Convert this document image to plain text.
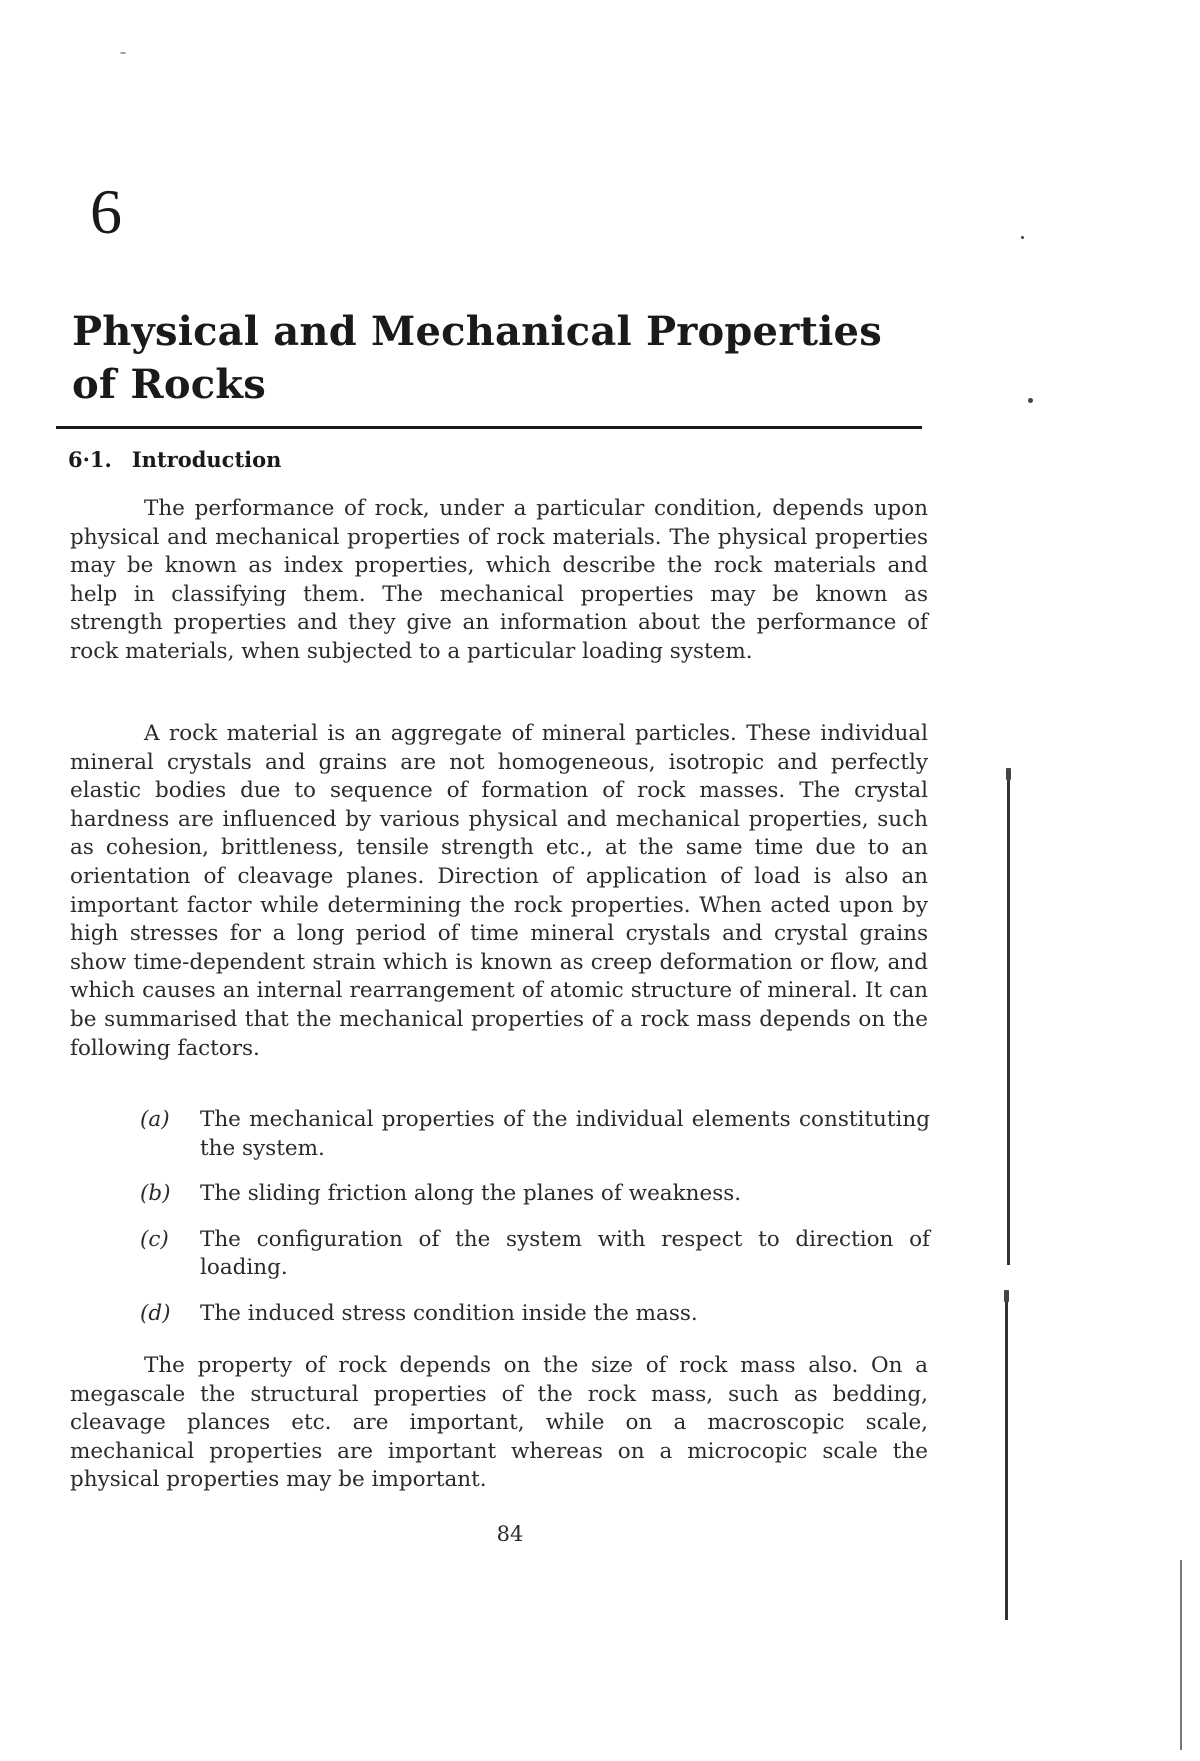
6
Physical and Mechanical Properties
of Rocks
6·1. Introduction

The performance of rock, under a particular condition, depends upon physical and mechanical properties of rock materials. The physical properties may be known as index properties, which describe the rock materials and help in classifying them. The mechanical properties may be known as strength properties and they give an information about the performance of rock materials, when subjected to a particular loading system.

A rock material is an aggregate of mineral particles. These individual mineral crystals and grains are not homogeneous, isotropic and perfectly elastic bodies due to sequence of formation of rock masses. The crystal hardness are influenced by various physical and mechanical properties, such as cohesion, brittleness, tensile strength etc., at the same time due to an orientation of cleavage planes. Direction of application of load is also an important factor while determining the rock properties. When acted upon by high stresses for a long period of time mineral crystals and crystal grains show time-dependent strain which is known as creep deformation or flow, and which causes an internal rearrangement of atomic structure of mineral. It can be summarised that the mechanical properties of a rock mass depends on the following factors.

(a)	The mechanical properties of the individual elements constituting the system.
(b)	The sliding friction along the planes of weakness.
(c)	The configuration of the system with respect to direction of loading.
(d)	The induced stress condition inside the mass.

The property of rock depends on the size of rock mass also. On a megascale the structural properties of the rock mass, such as bedding, cleavage plances etc. are important, while on a macroscopic scale, mechanical properties are important whereas on a microcopic scale the physical properties may be important.

84
